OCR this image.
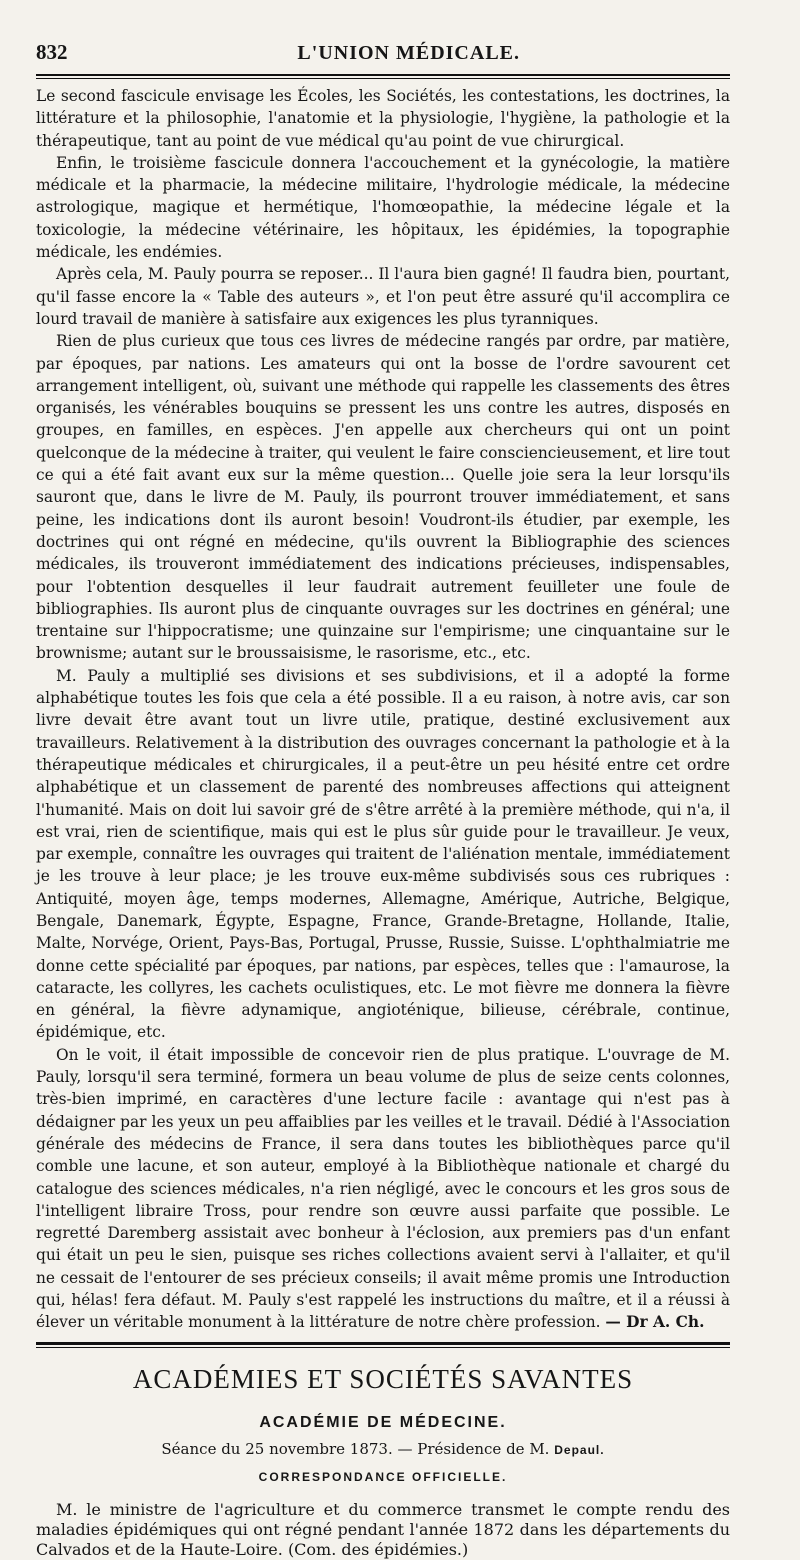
832	L'UNION MÉDICALE.

Le second fascicule envisage les Écoles, les Sociétés, les contestations, les doctrines, la littérature et la philosophie, l'anatomie et la physiologie, l'hygiène, la pathologie et la thérapeutique, tant au point de vue médical qu'au point de vue chirurgical.

Enfin, le troisième fascicule donnera l'accouchement et la gynécologie, la matière médicale et la pharmacie, la médecine militaire, l'hydrologie médicale, la médecine astrologique, magique et hermétique, l'homœopathie, la médecine légale et la toxicologie, la médecine vétérinaire, les hôpitaux, les épidémies, la topographie médicale, les endémies.

Après cela, M. Pauly pourra se reposer... Il l'aura bien gagné! Il faudra bien, pourtant, qu'il fasse encore la « Table des auteurs », et l'on peut être assuré qu'il accomplira ce lourd travail de manière à satisfaire aux exigences les plus tyranniques.

Rien de plus curieux que tous ces livres de médecine rangés par ordre, par matière, par époques, par nations. Les amateurs qui ont la bosse de l'ordre savourent cet arrangement intelligent, où, suivant une méthode qui rappelle les classements des êtres organisés, les vénérables bouquins se pressent les uns contre les autres, disposés en groupes, en familles, en espèces. J'en appelle aux chercheurs qui ont un point quelconque de la médecine à traiter, qui veulent le faire consciencieusement, et lire tout ce qui a été fait avant eux sur la même question... Quelle joie sera la leur lorsqu'ils sauront que, dans le livre de M. Pauly, ils pourront trouver immédiatement, et sans peine, les indications dont ils auront besoin! Voudront-ils étudier, par exemple, les doctrines qui ont régné en médecine, qu'ils ouvrent la Bibliographie des sciences médicales, ils trouveront immédiatement des indications précieuses, indispensables, pour l'obtention desquelles il leur faudrait autrement feuilleter une foule de bibliographies. Ils auront plus de cinquante ouvrages sur les doctrines en général; une trentaine sur l'hippocratisme; une quinzaine sur l'empirisme; une cinquantaine sur le brownisme; autant sur le broussaisisme, le rasorisme, etc., etc.

M. Pauly a multiplié ses divisions et ses subdivisions, et il a adopté la forme alphabétique toutes les fois que cela a été possible. Il a eu raison, à notre avis, car son livre devait être avant tout un livre utile, pratique, destiné exclusivement aux travailleurs. Relativement à la distribution des ouvrages concernant la pathologie et à la thérapeutique médicales et chirurgicales, il a peut-être un peu hésité entre cet ordre alphabétique et un classement de parenté des nombreuses affections qui atteignent l'humanité. Mais on doit lui savoir gré de s'être arrêté à la première méthode, qui n'a, il est vrai, rien de scientifique, mais qui est le plus sûr guide pour le travailleur. Je veux, par exemple, connaître les ouvrages qui traitent de l'aliénation mentale, immédiatement je les trouve à leur place; je les trouve eux-même subdivisés sous ces rubriques : Antiquité, moyen âge, temps modernes, Allemagne, Amérique, Autriche, Belgique, Bengale, Danemark, Égypte, Espagne, France, Grande-Bretagne, Hollande, Italie, Malte, Norvége, Orient, Pays-Bas, Portugal, Prusse, Russie, Suisse. L'ophthalmiatrie me donne cette spécialité par époques, par nations, par espèces, telles que : l'amaurose, la cataracte, les collyres, les cachets oculistiques, etc. Le mot fièvre me donnera la fièvre en général, la fièvre adynamique, angioténique, bilieuse, cérébrale, continue, épidémique, etc.

On le voit, il était impossible de concevoir rien de plus pratique. L'ouvrage de M. Pauly, lorsqu'il sera terminé, formera un beau volume de plus de seize cents colonnes, très-bien imprimé, en caractères d'une lecture facile : avantage qui n'est pas à dédaigner par les yeux un peu affaiblies par les veilles et le travail. Dédié à l'Association générale des médecins de France, il sera dans toutes les bibliothèques parce qu'il comble une lacune, et son auteur, employé à la Bibliothèque nationale et chargé du catalogue des sciences médicales, n'a rien négligé, avec le concours et les gros sous de l'intelligent libraire Tross, pour rendre son œuvre aussi parfaite que possible. Le regretté Daremberg assistait avec bonheur à l'éclosion, aux premiers pas d'un enfant qui était un peu le sien, puisque ses riches collections avaient servi à l'allaiter, et qu'il ne cessait de l'entourer de ses précieux conseils; il avait même promis une Introduction qui, hélas! fera défaut. M. Pauly s'est rappelé les instructions du maître, et il a réussi à élever un véritable monument à la littérature de notre chère profession. — Dr A. Ch.

ACADÉMIES ET SOCIÉTÉS SAVANTES
ACADÉMIE DE MÉDECINE.
Séance du 25 novembre 1873. — Présidence de M. Depaul.
CORRESPONDANCE OFFICIELLE.

M. le ministre de l'agriculture et du commerce transmet le compte rendu des maladies épidémiques qui ont régné pendant l'année 1872 dans les départements du Calvados et de la Haute-Loire. (Com. des épidémies.)
